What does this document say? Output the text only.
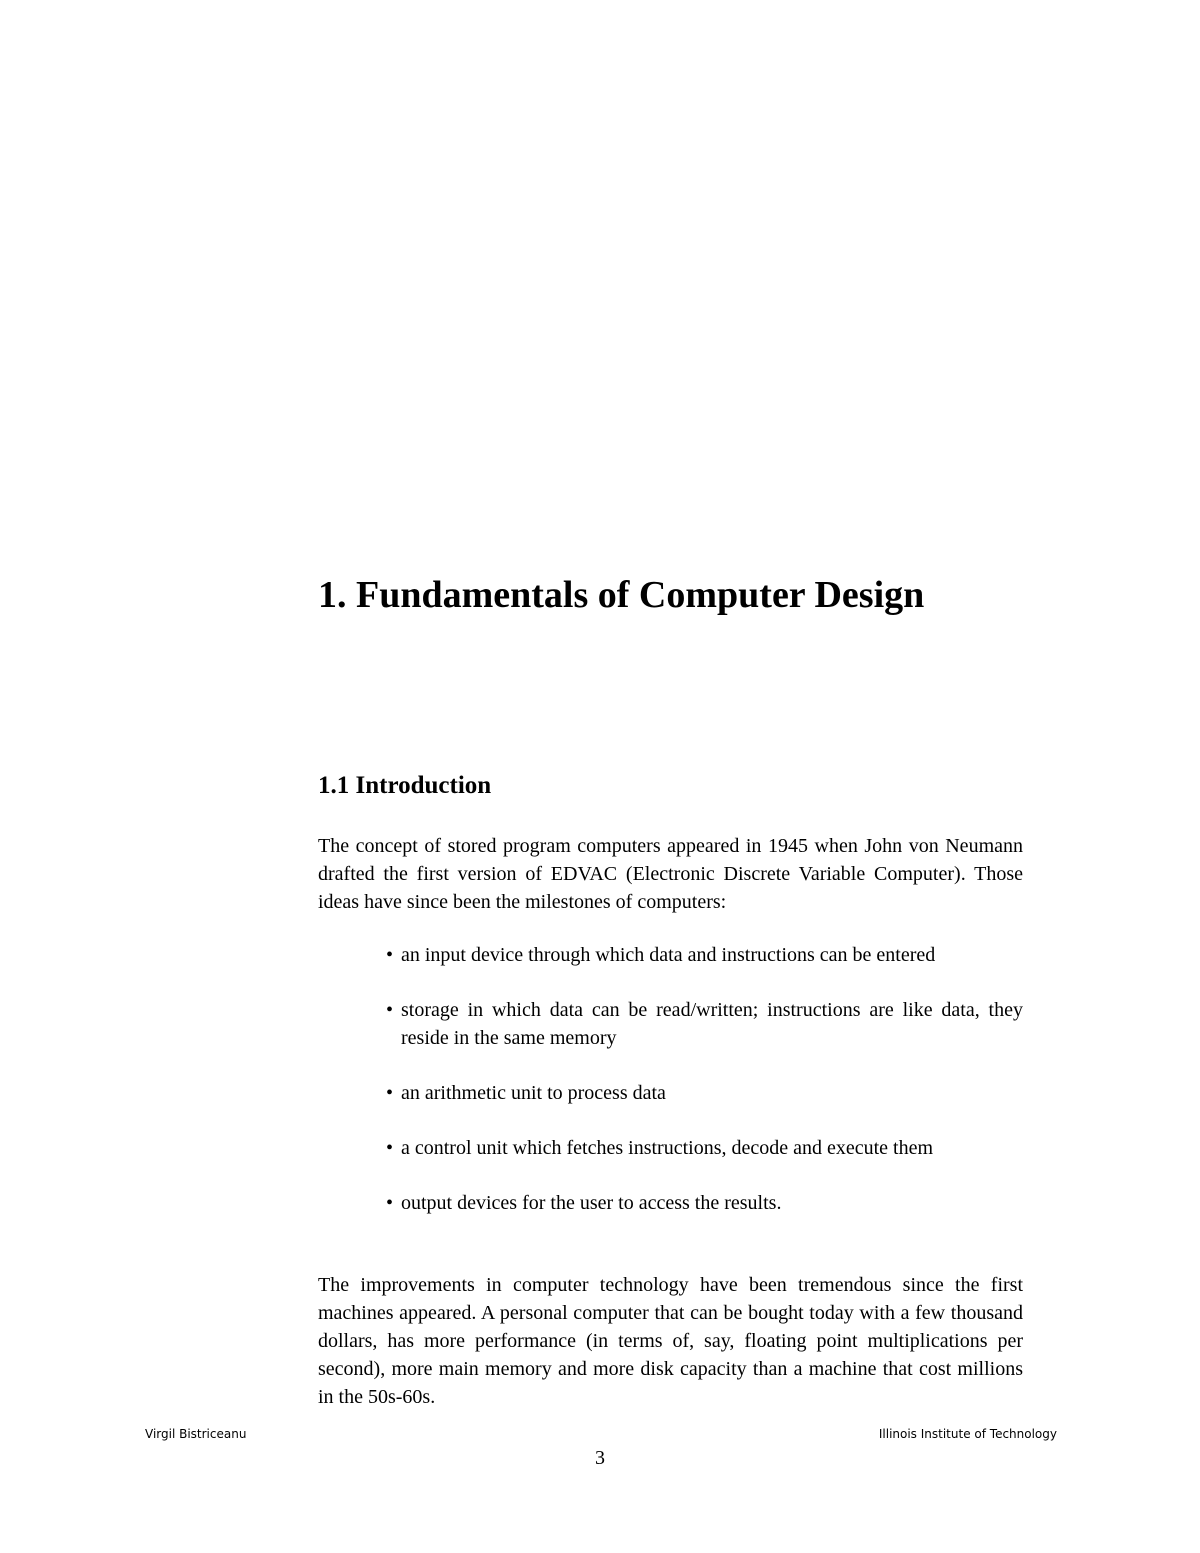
1. Fundamentals of Computer Design
1.1 Introduction

The concept of stored program computers appeared in 1945 when John von Neumann drafted the first version of EDVAC (Electronic Discrete Variable Computer). Those ideas have since been the milestones of computers:

• an input device through which data and instructions can be entered
• storage in which data can be read/written; instructions are like data, they reside in the same memory
• an arithmetic unit to process data
• a control unit which fetches instructions, decode and execute them
• output devices for the user to access the results.

The improvements in computer technology have been tremendous since the first machines appeared. A personal computer that can be bought today with a few thousand dollars, has more performance (in terms of, say, floating point multiplications per second), more main memory and more disk capacity than a machine that cost millions in the 50s-60s.

Virgil Bistriceanu	Illinois Institute of Technology
3
